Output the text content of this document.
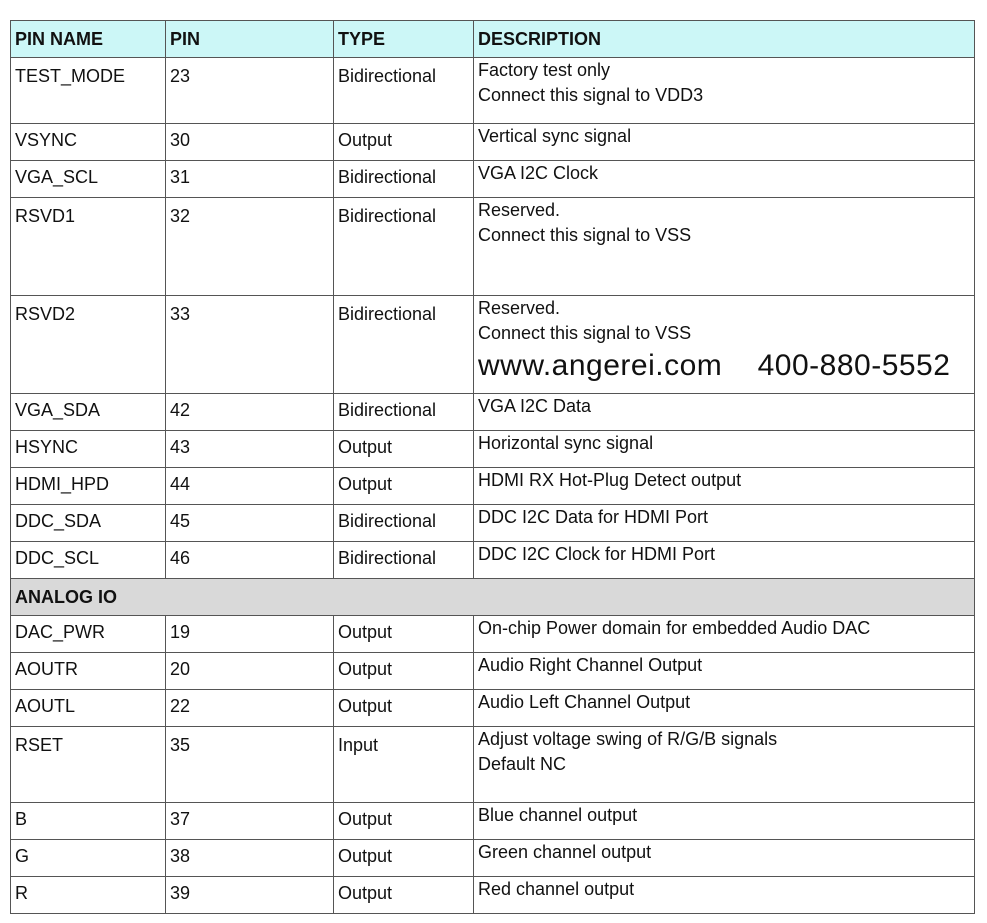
PIN NAME	PIN	TYPE	DESCRIPTION
TEST_MODE	23	Bidirectional	Factory test only
Connect this signal to VDD3

VSYNC	30	Output	Vertical sync signal

VGA_SCL	31	Bidirectional	VGA I2C Clock

RSVD1	32	Bidirectional	Reserved.
Connect this signal to VSS

RSVD2	33	Bidirectional	Reserved.
Connect this signal to VSS
www.angerei.com    400-880-5552

VGA_SDA	42	Bidirectional	VGA I2C Data

HSYNC	43	Output	Horizontal sync signal

HDMI_HPD	44	Output	HDMI RX Hot-Plug Detect output

DDC_SDA	45	Bidirectional	DDC I2C Data for HDMI Port

DDC_SCL	46	Bidirectional	DDC I2C Clock for HDMI Port

ANALOG IO			
DAC_PWR	19	Output	On-chip Power domain for embedded Audio DAC

AOUTR	20	Output	Audio Right Channel Output

AOUTL	22	Output	Audio Left Channel Output

RSET	35	Input	Adjust voltage swing of R/G/B signals
Default NC

B	37	Output	Blue channel output

G	38	Output	Green channel output

R	39	Output	Red channel output
